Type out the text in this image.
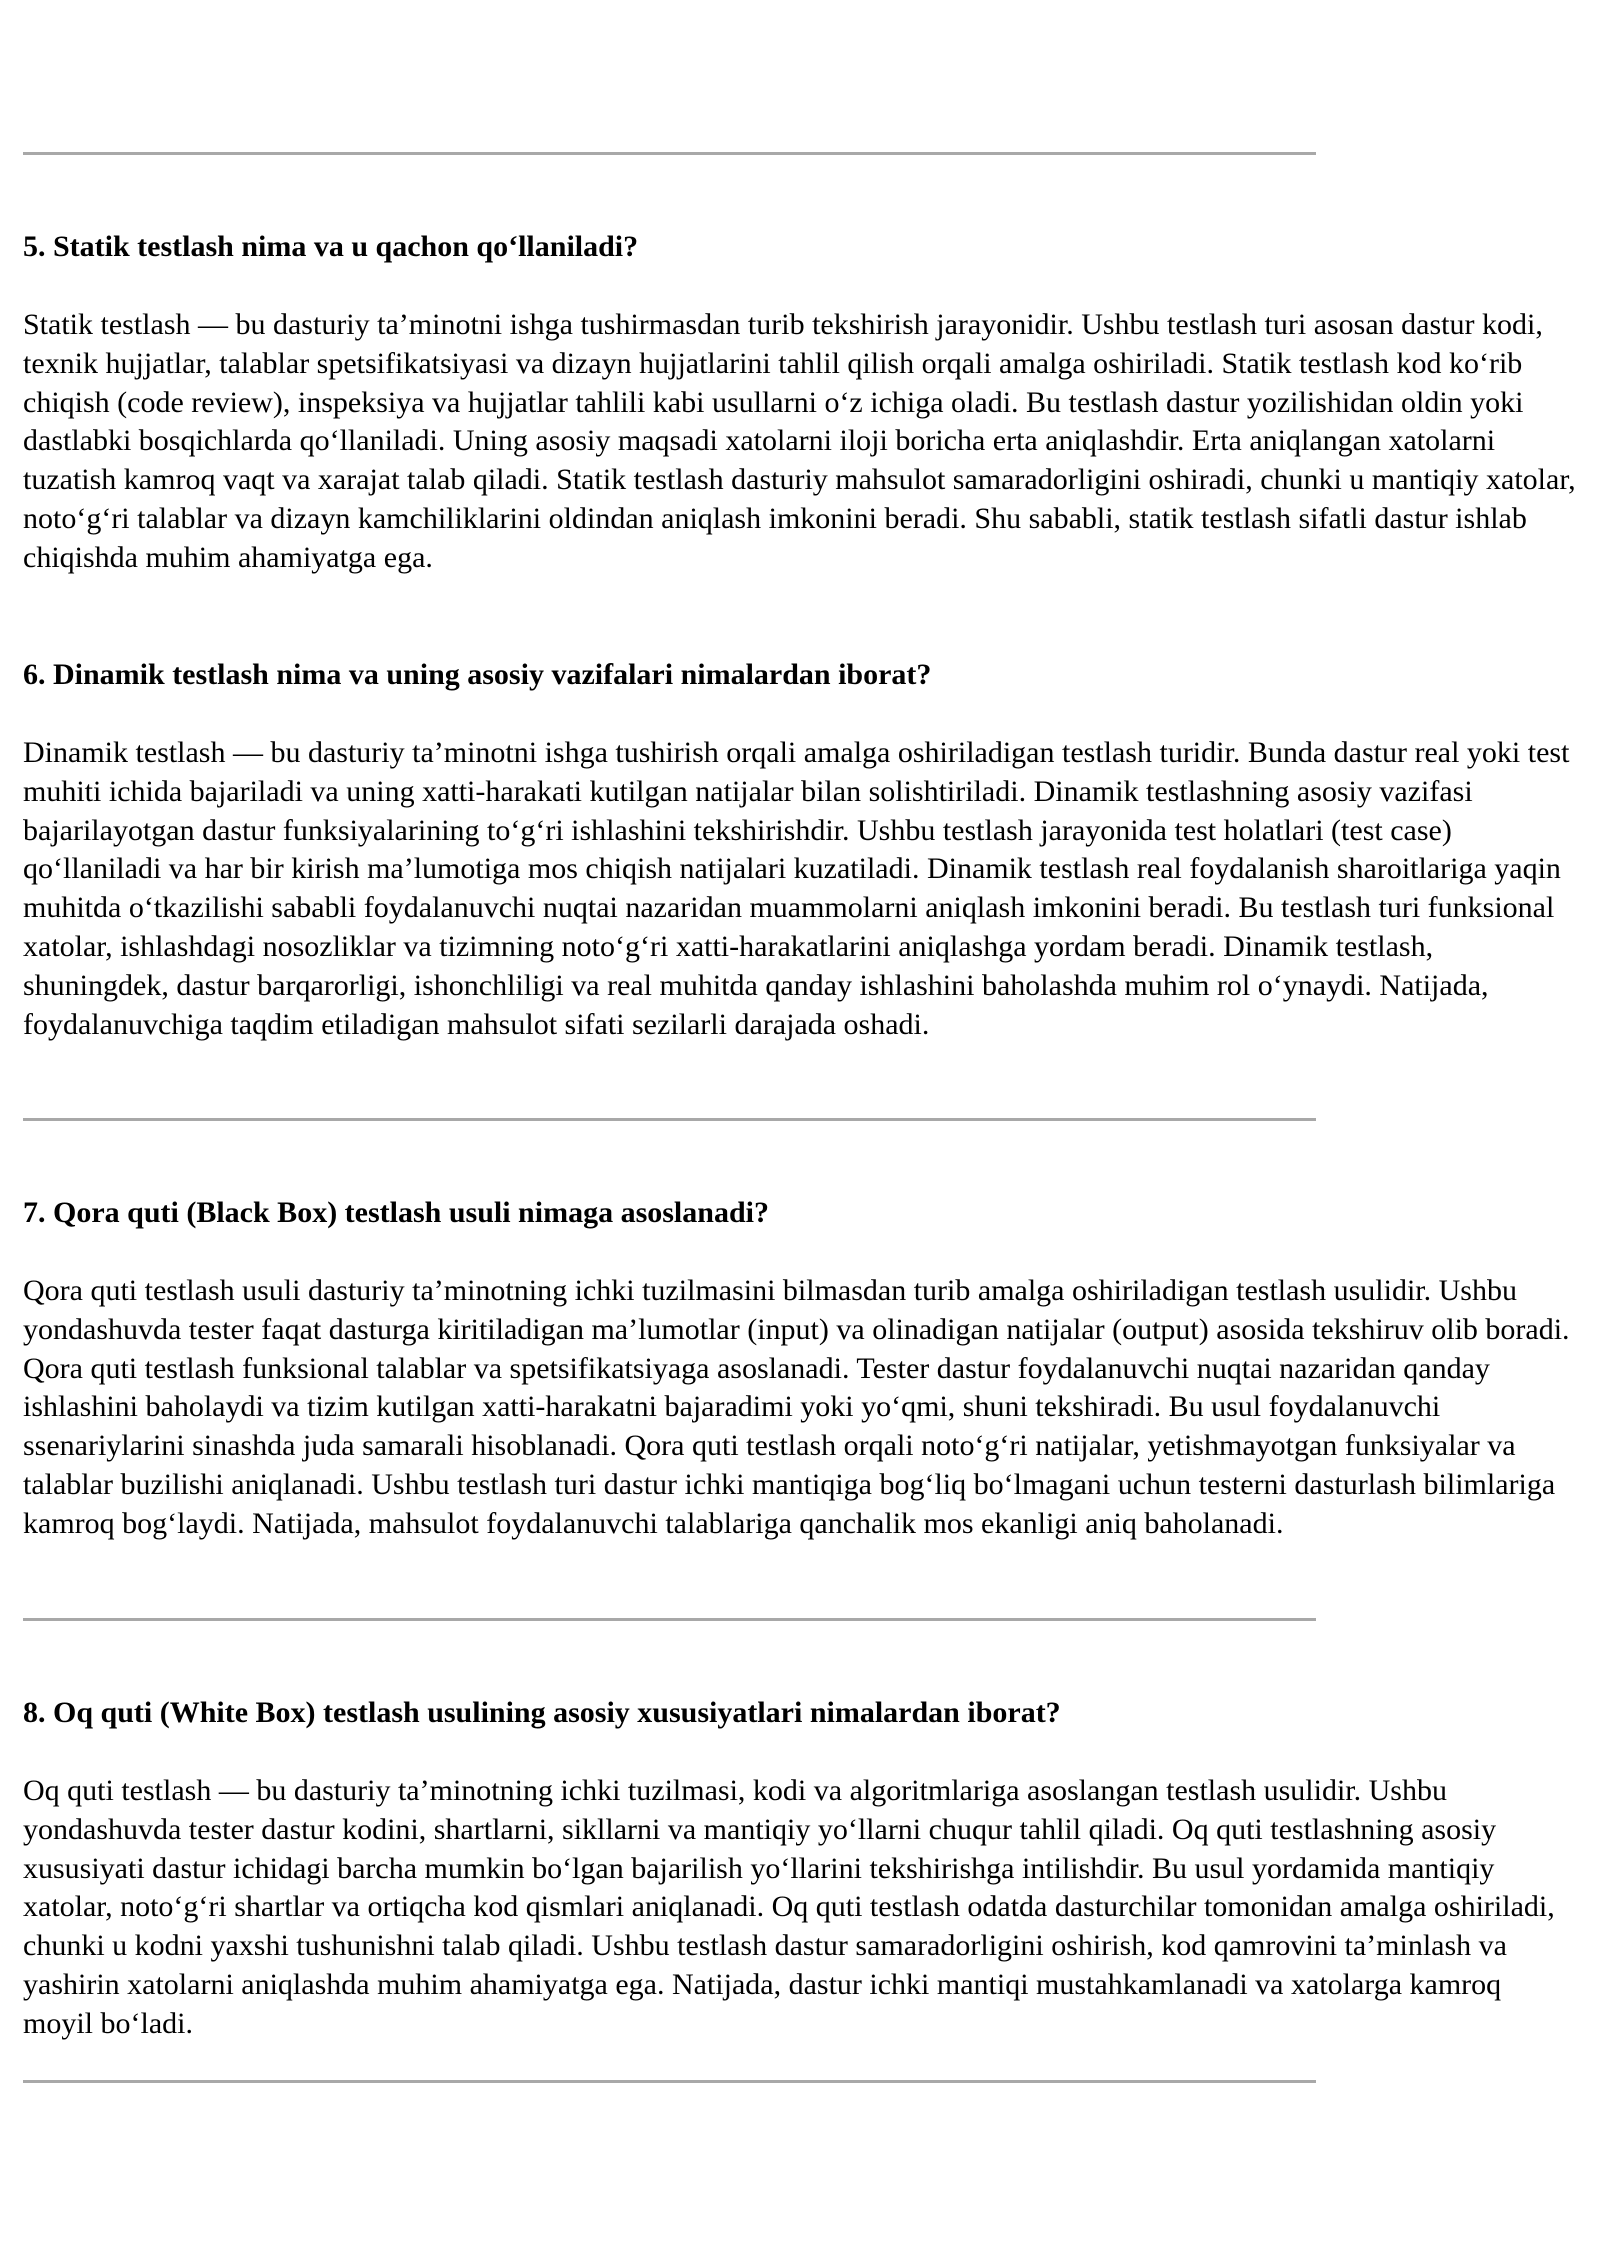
5. Statik testlash nima va u qachon qo‘llaniladi?

Statik testlash — bu dasturiy ta’minotni ishga tushirmasdan turib tekshirish jarayonidir. Ushbu testlash turi asosan dastur kodi, texnik hujjatlar, talablar spetsifikatsiyasi va dizayn hujjatlarini tahlil qilish orqali amalga oshiriladi. Statik testlash kod ko‘rib chiqish (code review), inspeksiya va hujjatlar tahlili kabi usullarni o‘z ichiga oladi. Bu testlash dastur yozilishidan oldin yoki dastlabki bosqichlarda qo‘llaniladi. Uning asosiy maqsadi xatolarni iloji boricha erta aniqlashdir. Erta aniqlangan xatolarni tuzatish kamroq vaqt va xarajat talab qiladi. Statik testlash dasturiy mahsulot samaradorligini oshiradi, chunki u mantiqiy xatolar, noto‘g‘ri talablar va dizayn kamchiliklarini oldindan aniqlash imkonini beradi. Shu sababli, statik testlash sifatli dastur ishlab chiqishda muhim ahamiyatga ega.

6. Dinamik testlash nima va uning asosiy vazifalari nimalardan iborat?

Dinamik testlash — bu dasturiy ta’minotni ishga tushirish orqali amalga oshiriladigan testlash turidir. Bunda dastur real yoki test muhiti ichida bajariladi va uning xatti-harakati kutilgan natijalar bilan solishtiriladi. Dinamik testlashning asosiy vazifasi bajarilayotgan dastur funksiyalarining to‘g‘ri ishlashini tekshirishdir. Ushbu testlash jarayonida test holatlari (test case) qo‘llaniladi va har bir kirish ma’lumotiga mos chiqish natijalari kuzatiladi. Dinamik testlash real foydalanish sharoitlariga yaqin muhitda o‘tkazilishi sababli foydalanuvchi nuqtai nazaridan muammolarni aniqlash imkonini beradi. Bu testlash turi funksional xatolar, ishlashdagi nosozliklar va tizimning noto‘g‘ri xatti-harakatlarini aniqlashga yordam beradi. Dinamik testlash, shuningdek, dastur barqarorligi, ishonchliligi va real muhitda qanday ishlashini baholashda muhim rol o‘ynaydi. Natijada, foydalanuvchiga taqdim etiladigan mahsulot sifati sezilarli darajada oshadi.

7. Qora quti (Black Box) testlash usuli nimaga asoslanadi?

Qora quti testlash usuli dasturiy ta’minotning ichki tuzilmasini bilmasdan turib amalga oshiriladigan testlash usulidir. Ushbu yondashuvda tester faqat dasturga kiritiladigan ma’lumotlar (input) va olinadigan natijalar (output) asosida tekshiruv olib boradi. Qora quti testlash funksional talablar va spetsifikatsiyaga asoslanadi. Tester dastur foydalanuvchi nuqtai nazaridan qanday ishlashini baholaydi va tizim kutilgan xatti-harakatni bajaradimi yoki yo‘qmi, shuni tekshiradi. Bu usul foydalanuvchi ssenariylarini sinashda juda samarali hisoblanadi. Qora quti testlash orqali noto‘g‘ri natijalar, yetishmayotgan funksiyalar va talablar buzilishi aniqlanadi. Ushbu testlash turi dastur ichki mantiqiga bog‘liq bo‘lmagani uchun testerni dasturlash bilimlariga kamroq bog‘laydi. Natijada, mahsulot foydalanuvchi talablariga qanchalik mos ekanligi aniq baholanadi.

8. Oq quti (White Box) testlash usulining asosiy xususiyatlari nimalardan iborat?

Oq quti testlash — bu dasturiy ta’minotning ichki tuzilmasi, kodi va algoritmlariga asoslangan testlash usulidir. Ushbu yondashuvda tester dastur kodini, shartlarni, sikllarni va mantiqiy yo‘llarni chuqur tahlil qiladi. Oq quti testlashning asosiy xususiyati dastur ichidagi barcha mumkin bo‘lgan bajarilish yo‘llarini tekshirishga intilishdir. Bu usul yordamida mantiqiy xatolar, noto‘g‘ri shartlar va ortiqcha kod qismlari aniqlanadi. Oq quti testlash odatda dasturchilar tomonidan amalga oshiriladi, chunki u kodni yaxshi tushunishni talab qiladi. Ushbu testlash dastur samaradorligini oshirish, kod qamrovini ta’minlash va yashirin xatolarni aniqlashda muhim ahamiyatga ega. Natijada, dastur ichki mantiqi mustahkamlanadi va xatolarga kamroq moyil bo‘ladi.
